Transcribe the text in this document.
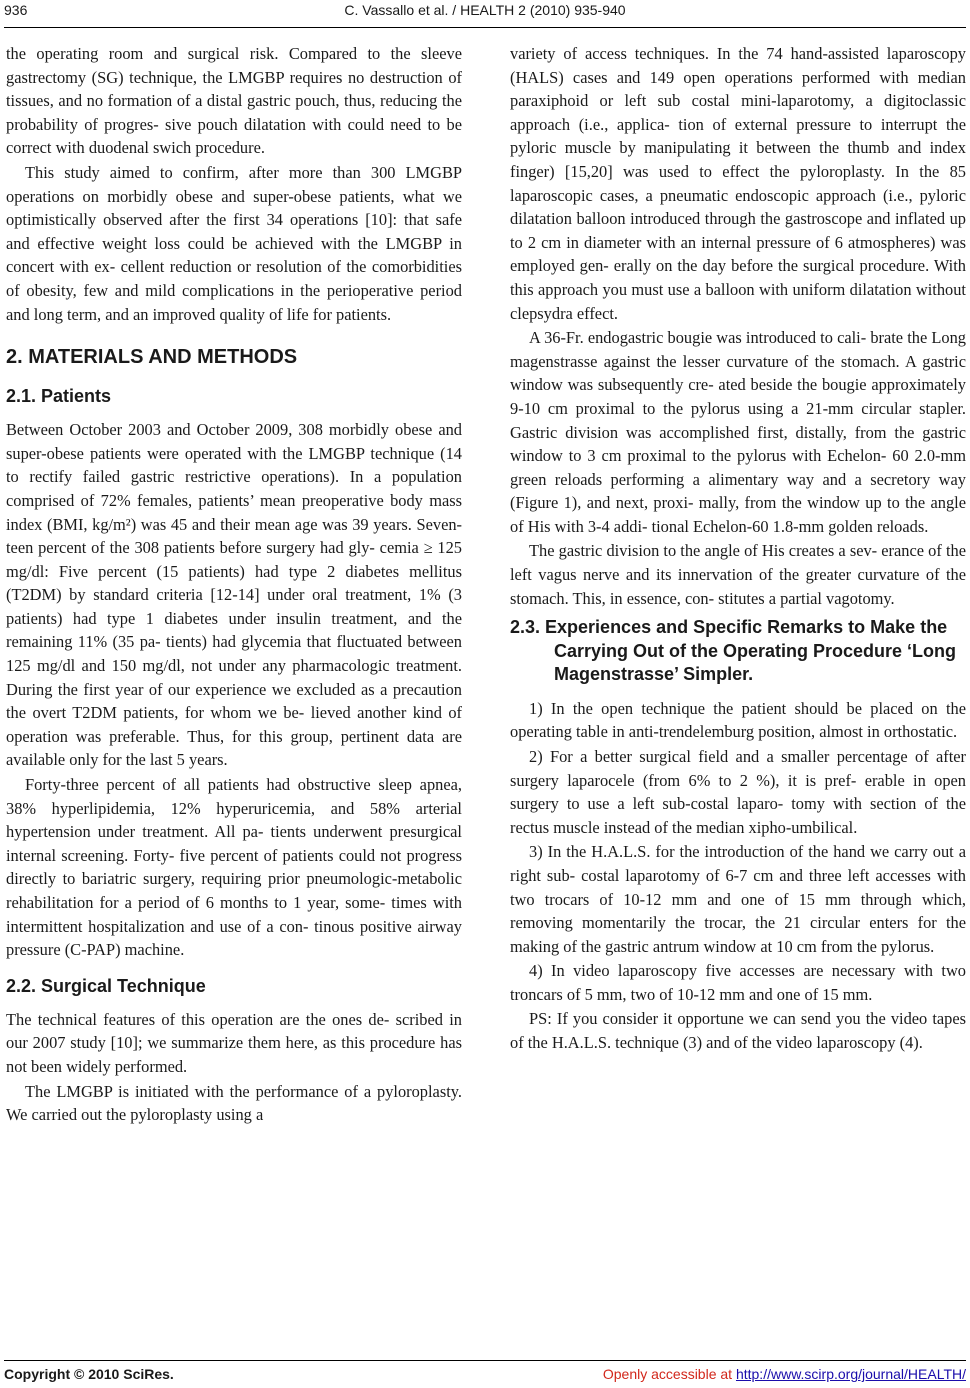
936	C. Vassallo et al. / HEALTH 2 (2010) 935-940

the operating room and surgical risk. Compared to the sleeve gastrectomy (SG) technique, the LMGBP requires no destruction of tissues, and no formation of a distal gastric pouch, thus, reducing the probability of progres- sive pouch dilatation with could need to be correct with duodenal swich procedure.

This study aimed to confirm, after more than 300 LMGBP operations on morbidly obese and super-obese patients, what we optimistically observed after the first 34 operations [10]: that safe and effective weight loss could be achieved with the LMGBP in concert with ex- cellent reduction or resolution of the comorbidities of obesity, few and mild complications in the perioperative period and long term, and an improved quality of life for patients.

2. MATERIALS AND METHODS
2.1. Patients

Between October 2003 and October 2009, 308 morbidly obese and super-obese patients were operated with the LMGBP technique (14 to rectify failed gastric restrictive operations). In a population comprised of 72% females, patients’ mean preoperative body mass index (BMI, kg/m²) was 45 and their mean age was 39 years. Seven- teen percent of the 308 patients before surgery had gly- cemia ≥ 125 mg/dl: Five percent (15 patients) had type 2 diabetes mellitus (T2DM) by standard criteria [12-14] under oral treatment, 1% (3 patients) had type 1 diabetes under insulin treatment, and the remaining 11% (35 pa- tients) had glycemia that fluctuated between 125 mg/dl and 150 mg/dl, not under any pharmacologic treatment. During the first year of our experience we excluded as a precaution the overt T2DM patients, for whom we be- lieved another kind of operation was preferable. Thus, for this group, pertinent data are available only for the last 5 years.

Forty-three percent of all patients had obstructive sleep apnea, 38% hyperlipidemia, 12% hyperuricemia, and 58% arterial hypertension under treatment. All pa- tients underwent presurgical internal screening. Forty- five percent of patients could not progress directly to bariatric surgery, requiring prior pneumologic-metabolic rehabilitation for a period of 6 months to 1 year, some- times with intermittent hospitalization and use of a con- tinous positive airway pressure (C-PAP) machine.

2.2. Surgical Technique

The technical features of this operation are the ones de- scribed in our 2007 study [10]; we summarize them here, as this procedure has not been widely performed.

The LMGBP is initiated with the performance of a pyloroplasty. We carried out the pyloroplasty using a

variety of access techniques. In the 74 hand-assisted laparoscopy (HALS) cases and 149 open operations performed with median paraxiphoid or left sub costal mini-laparotomy, a digitoclassic approach (i.e., applica- tion of external pressure to interrupt the pyloric muscle by manipulating it between the thumb and index finger) [15,20] was used to effect the pyloroplasty. In the 85 laparoscopic cases, a pneumatic endoscopic approach (i.e., pyloric dilatation balloon introduced through the gastroscope and inflated up to 2 cm in diameter with an internal pressure of 6 atmospheres) was employed gen- erally on the day before the surgical procedure. With this approach you must use a balloon with uniform dilatation without clepsydra effect.

A 36-Fr. endogastric bougie was introduced to cali- brate the Long magenstrasse against the lesser curvature of the stomach. A gastric window was subsequently cre- ated beside the bougie approximately 9-10 cm proximal to the pylorus using a 21-mm circular stapler. Gastric division was accomplished first, distally, from the gastric window to 3 cm proximal to the pylorus with Echelon- 60 2.0-mm green reloads performing a alimentary way and a secretory way (Figure 1), and next, proxi- mally, from the window up to the angle of His with 3-4 addi- tional Echelon-60 1.8-mm golden reloads.

The gastric division to the angle of His creates a sev- erance of the left vagus nerve and its innervation of the greater curvature of the stomach. This, in essence, con- stitutes a partial vagotomy.

2.3. Experiences and Specific Remarks to Make the Carrying Out of the Operating Procedure ‘Long Magenstrasse’ Simpler.

1) In the open technique the patient should be placed on the operating table in anti-trendelemburg position, almost in orthostatic.

2) For a better surgical field and a smaller percentage of after surgery laparocele (from 6% to 2 %), it is pref- erable in open surgery to use a left sub-costal laparo- tomy with section of the rectus muscle instead of the median xipho-umbilical.

3) In the H.A.L.S. for the introduction of the hand we carry out a right sub- costal laparotomy of 6-7 cm and three left accesses with two trocars of 10-12 mm and one of 15 mm through which, removing momentarily the trocar, the 21 circular enters for the making of the gastric antrum window at 10 cm from the pylorus.

4) In video laparoscopy five accesses are necessary with two troncars of 5 mm, two of 10-12 mm and one of 15 mm.

PS: If you consider it opportune we can send you the video tapes of the H.A.L.S. technique (3) and of the video laparoscopy (4).

Copyright © 2010 SciRes.	Openly accessible at http://www.scirp.org/journal/HEALTH/
